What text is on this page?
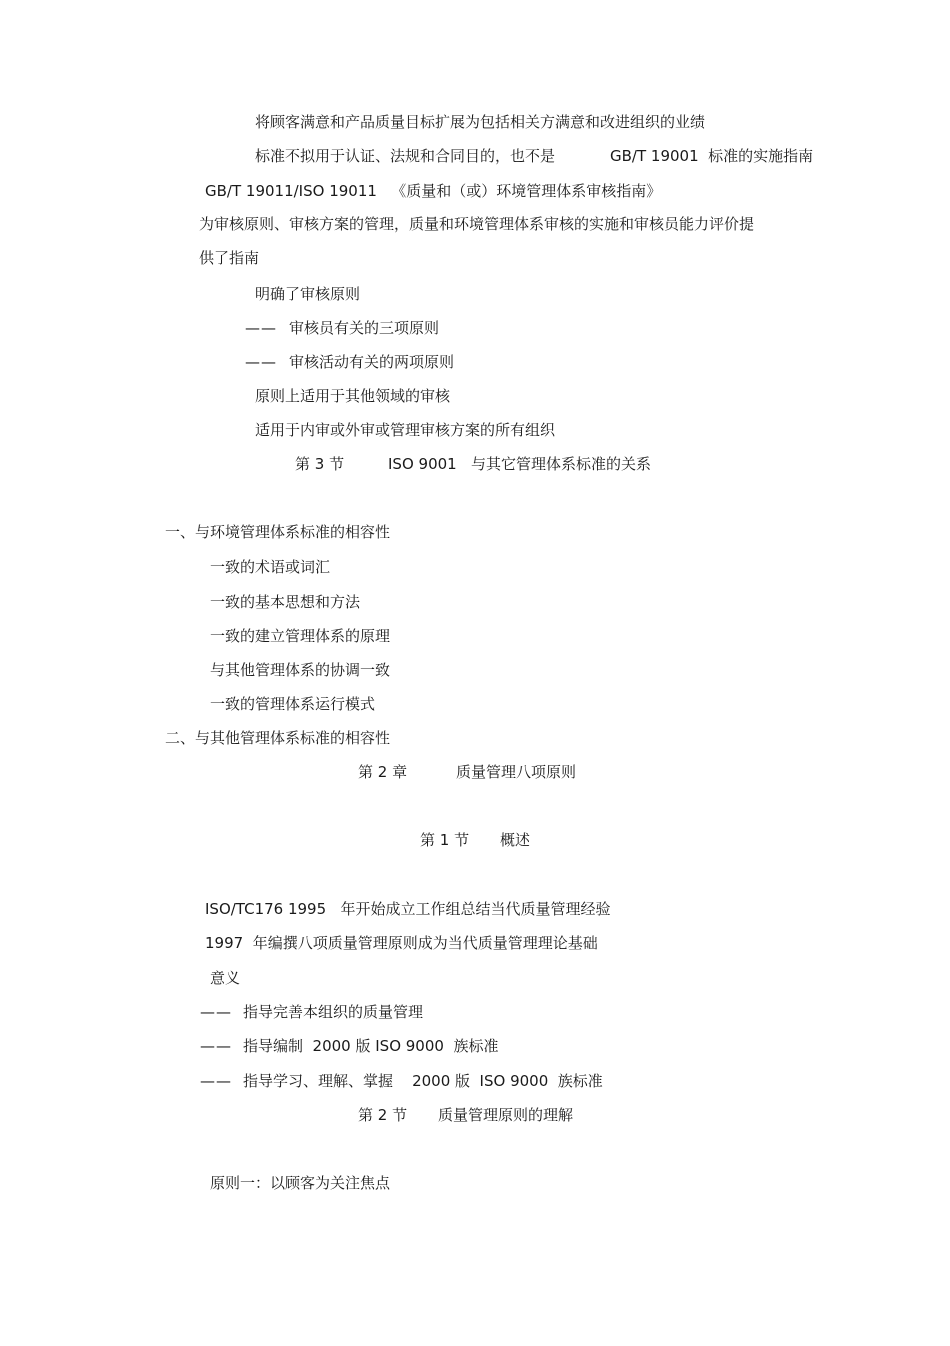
将顾客满意和产品质量目标扩展为包括相关方满意和改进组织的业绩
标准不拟用于认证、法规和合同目的，也不是	GB/T 19001  标准的实施指南
GB/T 19011/ISO 19011   《质量和（或）环境管理体系审核指南》
为审核原则、审核方案的管理，质量和环境管理体系审核的实施和审核员能力评价提
供了指南
明确了审核原则
—— 审核员有关的三项原则
—— 审核活动有关的两项原则
原则上适用于其他领域的审核
适用于内审或外审或管理审核方案的所有组织
第 3 节	ISO 9001   与其它管理体系标准的关系
一、与环境管理体系标准的相容性
一致的术语或词汇
一致的基本思想和方法
一致的建立管理体系的原理
与其他管理体系的协调一致
一致的管理体系运行模式
二、与其他管理体系标准的相容性
第 2 章	质量管理八项原则
第 1 节 概述
ISO/TC176 1995   年开始成立工作组总结当代质量管理经验
1997  年编撰八项质量管理原则成为当代质量管理理论基础
意义
—— 指导完善本组织的质量管理
—— 指导编制  2000 版 ISO 9000  族标准
—— 指导学习、理解、掌握    2000 版  ISO 9000  族标准
第 2 节 质量管理原则的理解
原则一：以顾客为关注焦点
